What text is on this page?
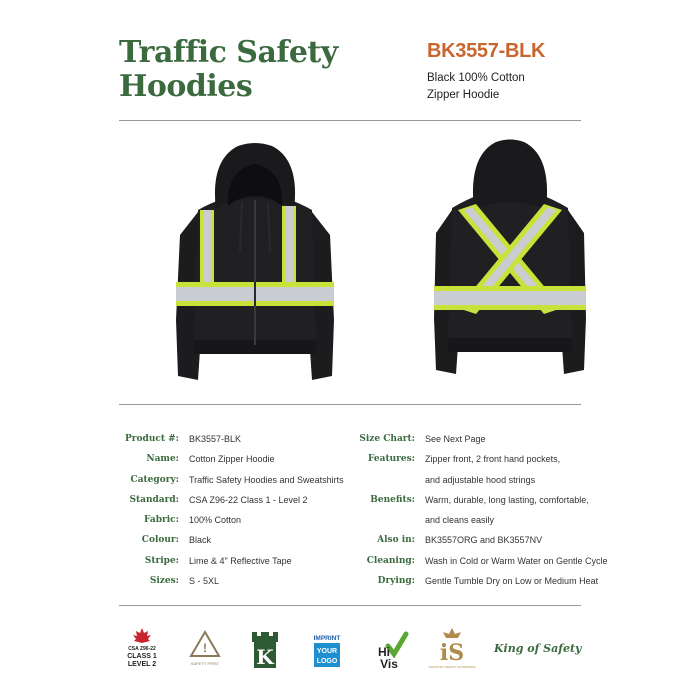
Traffic Safety
Hoodies
BK3557-BLK
Black 100% Cotton
Zipper Hoodie
Product #:	BK3557-BLK
Name:	Cotton Zipper Hoodie
Category:	Traffic Safety Hoodies and Sweatshirts
Standard:	CSA Z96-22 Class 1 - Level 2
Fabric:	100% Cotton
Colour:	Black
Stripe:	Lime & 4" Reflective Tape
Sizes:	S - 5XL
Size Chart:	See Next Page
Features:	Zipper front, 2 front hand pockets,
and adjustable hood strings
Benefits:	Warm, durable, long lasting, comfortable,
and cleans easily
Also in:	BK3557ORG and BK3557NV
Cleaning:	Wash in Cold or Warm Water on Gentle Cycle
Drying:	Gentle Tumble Dry on Low or Medium Heat
CSA Z96-22
CLASS 1
LEVEL 2
!
SAFETY FIRST K
IMPRINT
YOUR
LOGO
Hi
Vis iS
INDUSTRY SAFETY STANDARDS
King of Safety
